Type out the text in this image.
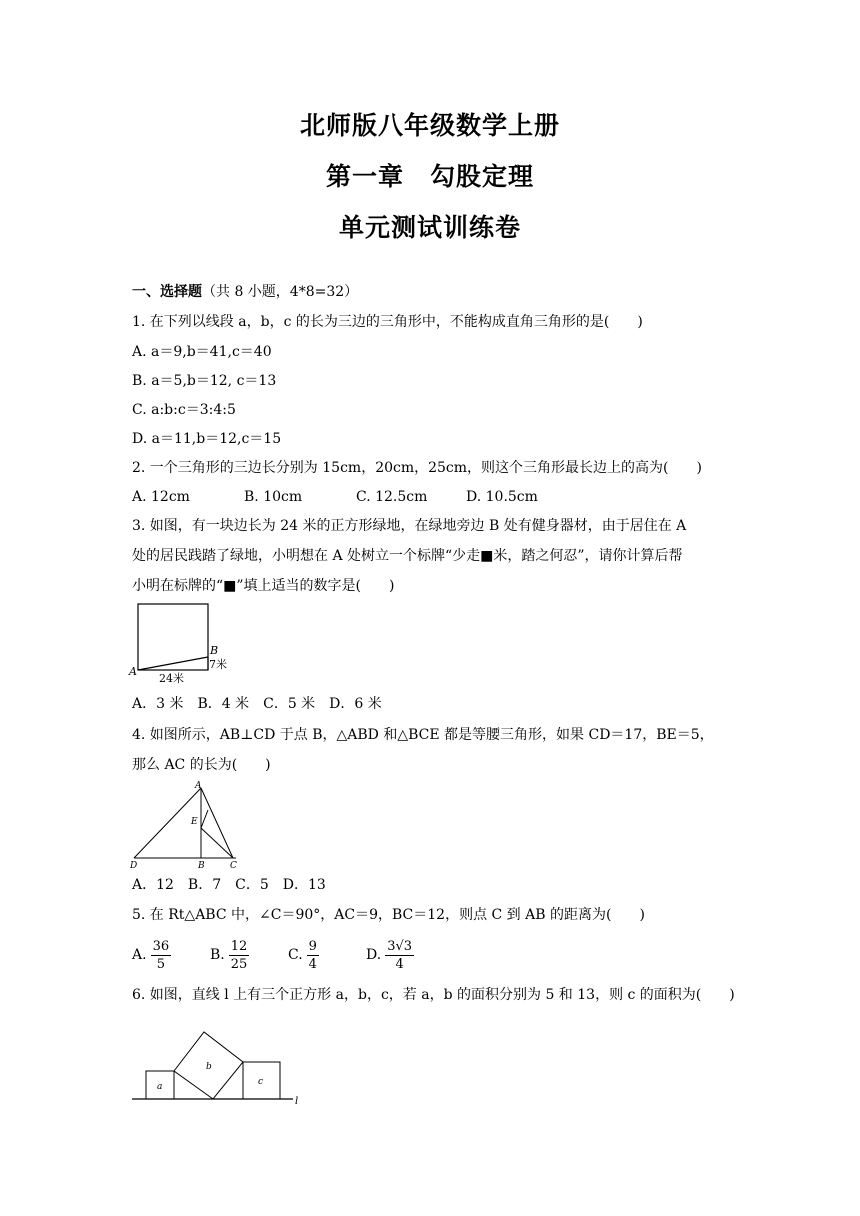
北师版八年级数学上册
第一章　勾股定理
单元测试训练卷
一、选择题（共 8 小题，4*8=32）
1. 在下列以线段 a，b，c 的长为三边的三角形中，不能构成直角三角形的是(　　)
A. a＝9,b＝41,c＝40
B. a＝5,b＝12, c＝13
C. a:b:c＝3:4:5
D. a＝11,b＝12,c＝15
2. 一个三角形的三边长分别为 15cm，20cm，25cm，则这个三角形最长边上的高为(　　)
A. 12cm	B. 10cm	C. 12.5cm	D. 10.5cm
3. 如图，有一块边长为 24 米的正方形绿地，在绿地旁边 B 处有健身器材，由于居住在 A
处的居民践踏了绿地，小明想在 A 处树立一个标牌“少走■米，踏之何忍”，请你计算后帮
小明在标牌的“■”填上适当的数字是(　　)
A
B
7米
24米
A．3 米　B．4 米　C．5 米　D．6 米
4. 如图所示，AB⊥CD 于点 B，△ABD 和△BCE 都是等腰三角形，如果 CD＝17，BE＝5，
那么 AC 的长为(　　)
A
E
D	B	C
A．12　B．7　C．5　D．13
5. 在 Rt△ABC 中，∠C＝90°，AC＝9，BC＝12，则点 C 到 AB 的距离为(　　)
A. $\frac{36}{5}$	B. $\frac{12}{25}$	C. $\frac{9}{4}$	D. $\frac{3√3}{4}$
6. 如图，直线 l 上有三个正方形 a，b，c，若 a，b 的面积分别为 5 和 13，则 c 的面积为(　　)
a
b
c
l
